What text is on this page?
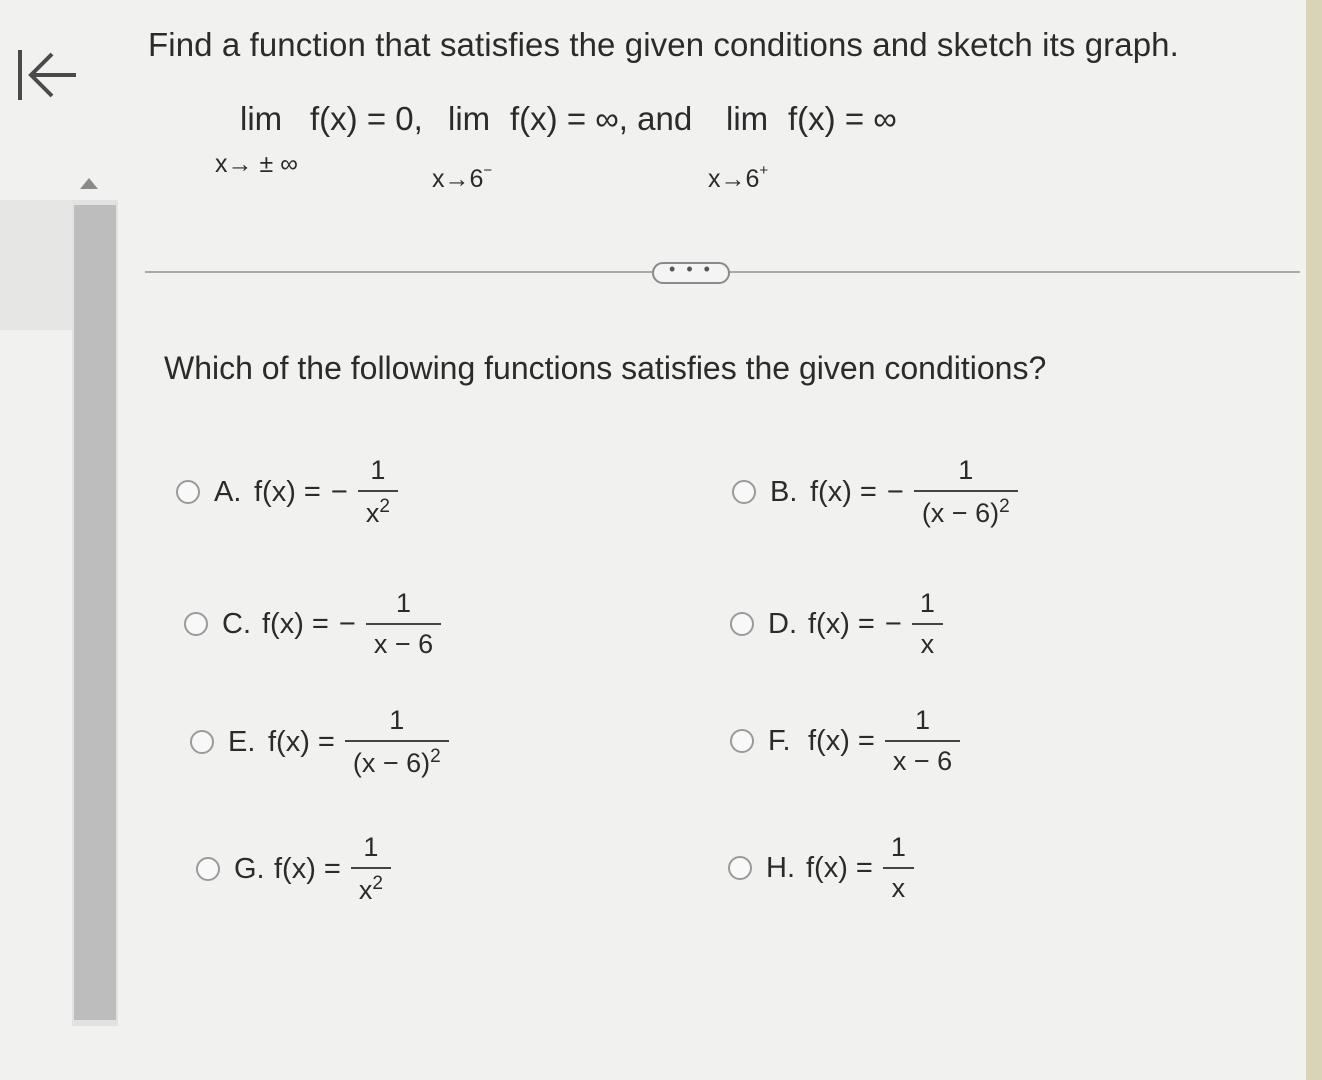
Find a function that satisfies the given conditions and sketch its graph.
lim f(x) = 0,
x→ ± ∞
lim f(x) = ∞, and
x→6−
lim f(x) = ∞
x→6+
• • •
Which of the following functions satisfies the given conditions?
A. f(x) = − $\frac{1}{x^2}$	B. f(x) = − $\frac{1}{(x - 6)^2}$
C. f(x) = − $\frac{1}{x - 6}$	D. f(x) = − $\frac{1}{x}$
E. $f(x) = \frac{1}{(x - 6)^2}$	F. $f(x) = \frac{1}{x - 6}$
G. $f(x) = \frac{1}{x^2}$	H. $f(x) = \frac{1}{x}$
